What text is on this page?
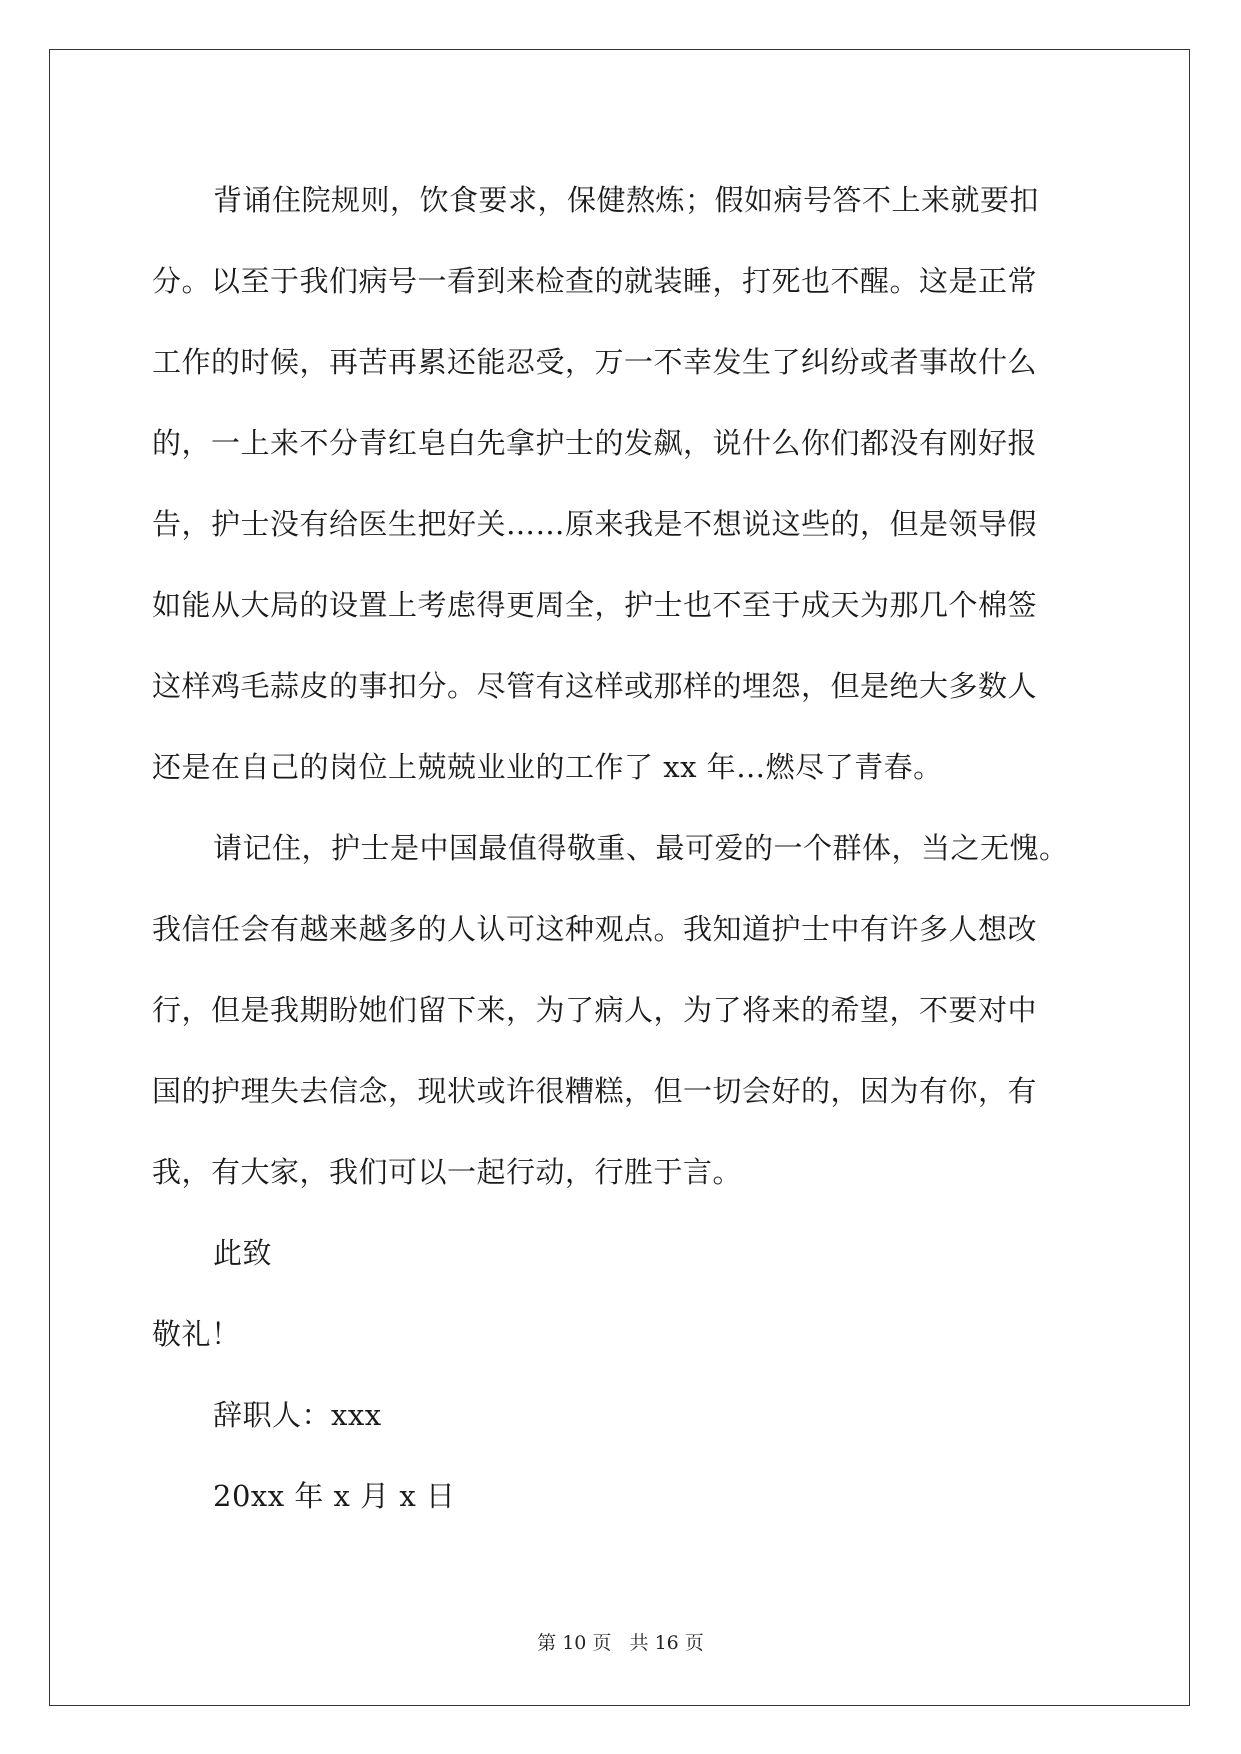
背诵住院规则，饮食要求，保健熬炼；假如病号答不上来就要扣
分。以至于我们病号一看到来检查的就装睡，打死也不醒。这是正常
工作的时候，再苦再累还能忍受，万一不幸发生了纠纷或者事故什么
的，一上来不分青红皂白先拿护士的发飙，说什么你们都没有刚好报
告，护士没有给医生把好关……原来我是不想说这些的，但是领导假
如能从大局的设置上考虑得更周全，护士也不至于成天为那几个棉签
这样鸡毛蒜皮的事扣分。尽管有这样或那样的埋怨，但是绝大多数人
还是在自己的岗位上兢兢业业的工作了 xx 年…燃尽了青春。
请记住，护士是中国最值得敬重、最可爱的一个群体，当之无愧。
我信任会有越来越多的人认可这种观点。我知道护士中有许多人想改
行，但是我期盼她们留下来，为了病人，为了将来的希望，不要对中
国的护理失去信念，现状或许很糟糕，但一切会好的，因为有你，有
我，有大家，我们可以一起行动，行胜于言。
此致
敬礼！
辞职人：xxx
20xx 年 x 月 x 日
第 10 页   共 16 页
